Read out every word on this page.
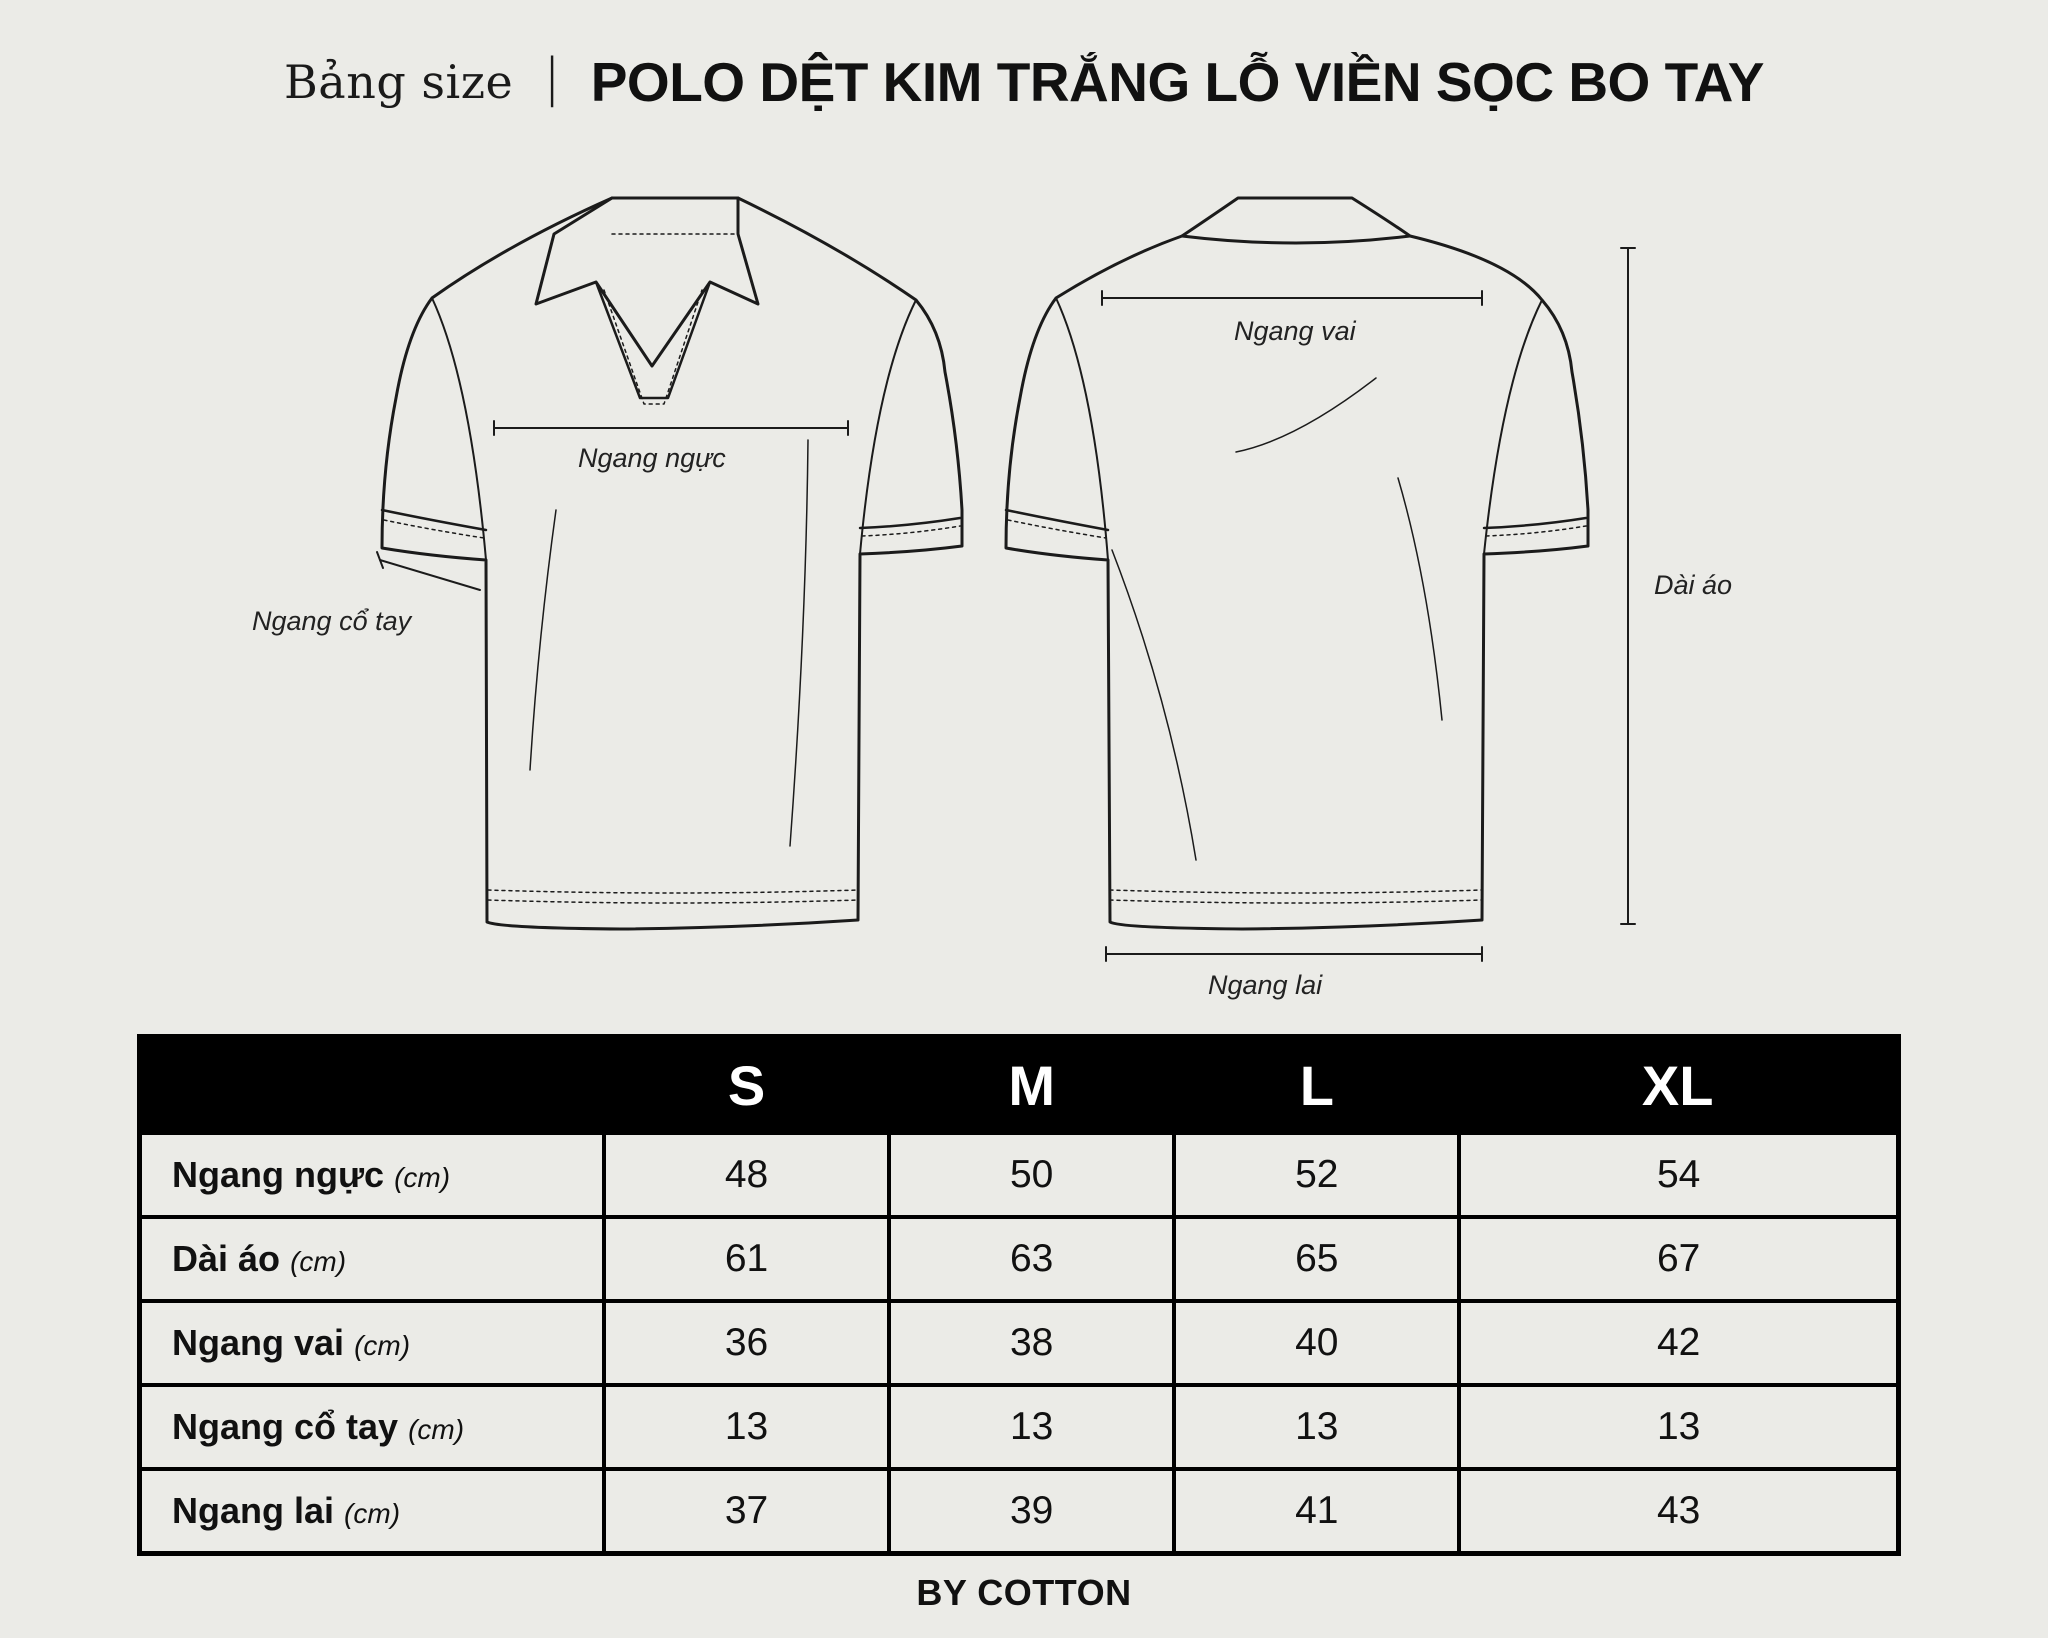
Bảng size | POLO DỆT KIM TRẮNG LỖ VIỀN SỌC BO TAY
Ngang ngực
Ngang vai
Ngang cổ tay
Dài áo
Ngang lai
	S	M	L	XL
Ngang ngực (cm)	48	50	52	54
Dài áo (cm)	61	63	65	67
Ngang vai (cm)	36	38	40	42
Ngang cổ tay (cm)	13	13	13	13
Ngang lai (cm)	37	39	41	43
BY COTTON
